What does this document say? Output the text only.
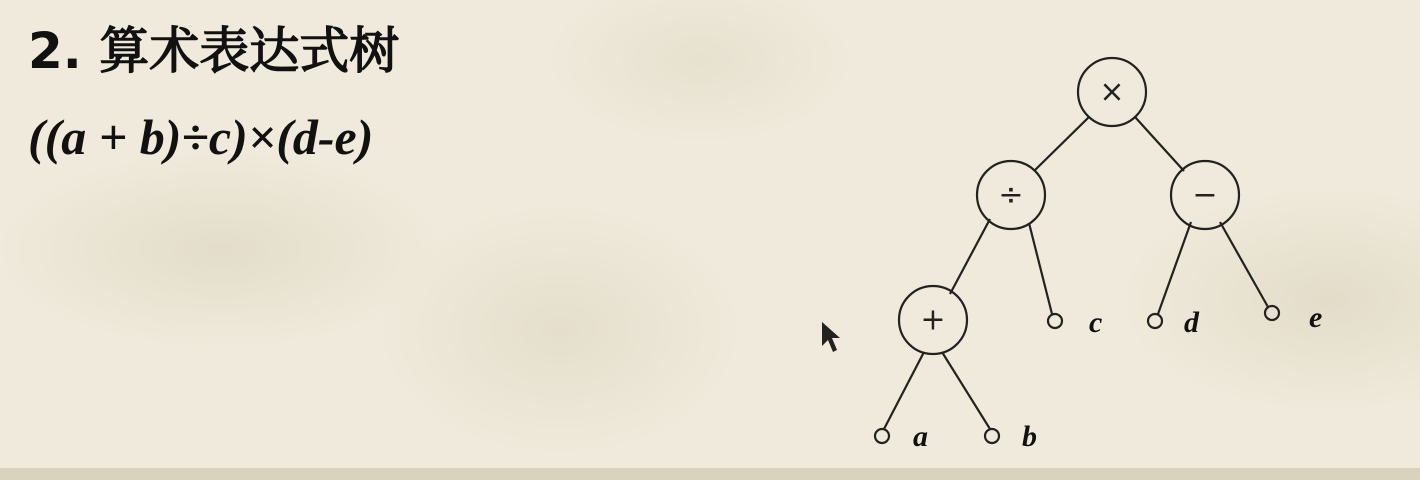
2. 算术表达式树
((a + b)÷c)×(d-e)
×
÷	−
+
a	b
c	d	e
